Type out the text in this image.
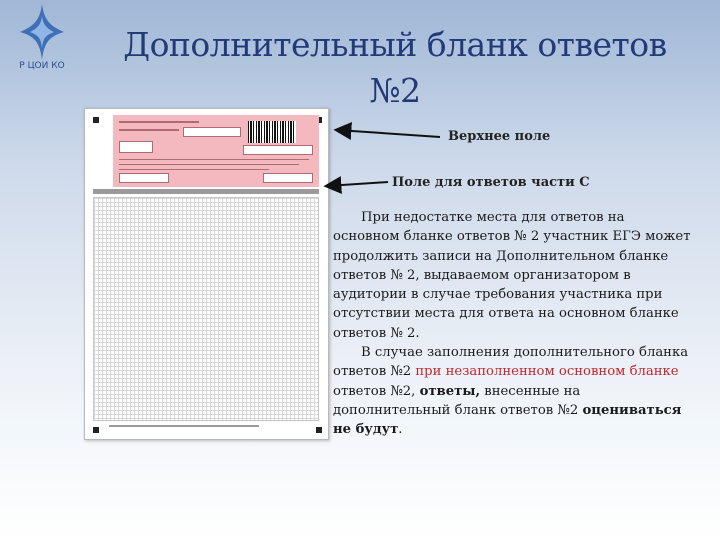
Р ЦОИ КО
Дополнительный бланк ответов
№2
Верхнее поле
Поле для ответов части С

При недостатке места для ответов на основном бланке ответов № 2 участник ЕГЭ может продолжить записи на Дополнительном бланке ответов № 2, выдаваемом организатором в аудитории в случае требования участника при отсутствии места для ответа на основном бланке ответов № 2.

В случае заполнения дополнительного бланка ответов №2 при незаполненном основном бланке ответов №2, ответы, внесенные на дополнительный бланк ответов №2 оцениваться не будут.
